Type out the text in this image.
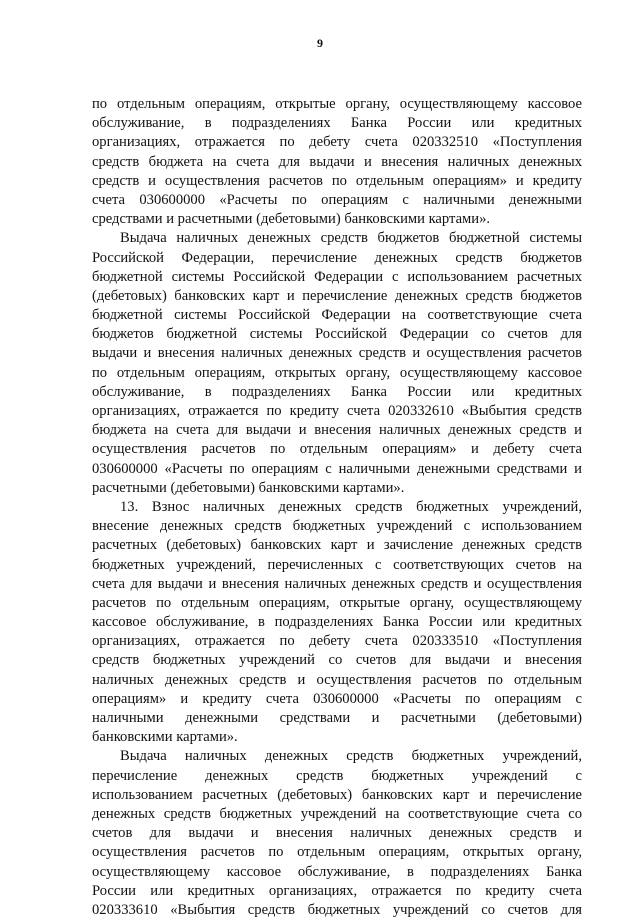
9
по отдельным операциям, открытые органу, осуществляющему кассовое
обслуживание, в подразделениях Банка России или кредитных
организациях, отражается по дебету счета 020332510 «Поступления
средств бюджета на счета для выдачи и внесения наличных денежных
средств и осуществления расчетов по отдельным операциям» и кредиту
счета 030600000 «Расчеты по операциям с наличными денежными
средствами и расчетными (дебетовыми) банковскими картами».
Выдача наличных денежных средств бюджетов бюджетной системы
Российской Федерации, перечисление денежных средств бюджетов
бюджетной системы Российской Федерации с использованием расчетных
(дебетовых) банковских карт и перечисление денежных средств бюджетов
бюджетной системы Российской Федерации на соответствующие счета
бюджетов бюджетной системы Российской Федерации со счетов для
выдачи и внесения наличных денежных средств и осуществления расчетов
по отдельным операциям, открытых органу, осуществляющему кассовое
обслуживание, в подразделениях Банка России или кредитных
организациях, отражается по кредиту счета 020332610 «Выбытия средств
бюджета на счета для выдачи и внесения наличных денежных средств и
осуществления расчетов по отдельным операциям» и дебету счета
030600000 «Расчеты по операциям с наличными денежными средствами и
расчетными (дебетовыми) банковскими картами».
13. Взнос наличных денежных средств бюджетных учреждений,
внесение денежных средств бюджетных учреждений с использованием
расчетных (дебетовых) банковских карт и зачисление денежных средств
бюджетных учреждений, перечисленных с соответствующих счетов на
счета для выдачи и внесения наличных денежных средств и осуществления
расчетов по отдельным операциям, открытые органу, осуществляющему
кассовое обслуживание, в подразделениях Банка России или кредитных
организациях, отражается по дебету счета 020333510 «Поступления
средств бюджетных учреждений со счетов для выдачи и внесения
наличных денежных средств и осуществления расчетов по отдельным
операциям» и кредиту счета 030600000 «Расчеты по операциям с
наличными денежными средствами и расчетными (дебетовыми)
банковскими картами».
Выдача наличных денежных средств бюджетных учреждений,
перечисление денежных средств бюджетных учреждений с
использованием расчетных (дебетовых) банковских карт и перечисление
денежных средств бюджетных учреждений на соответствующие счета со
счетов для выдачи и внесения наличных денежных средств и
осуществления расчетов по отдельным операциям, открытых органу,
осуществляющему кассовое обслуживание, в подразделениях Банка
России или кредитных организациях, отражается по кредиту счета
020333610 «Выбытия средств бюджетных учреждений со счетов для
